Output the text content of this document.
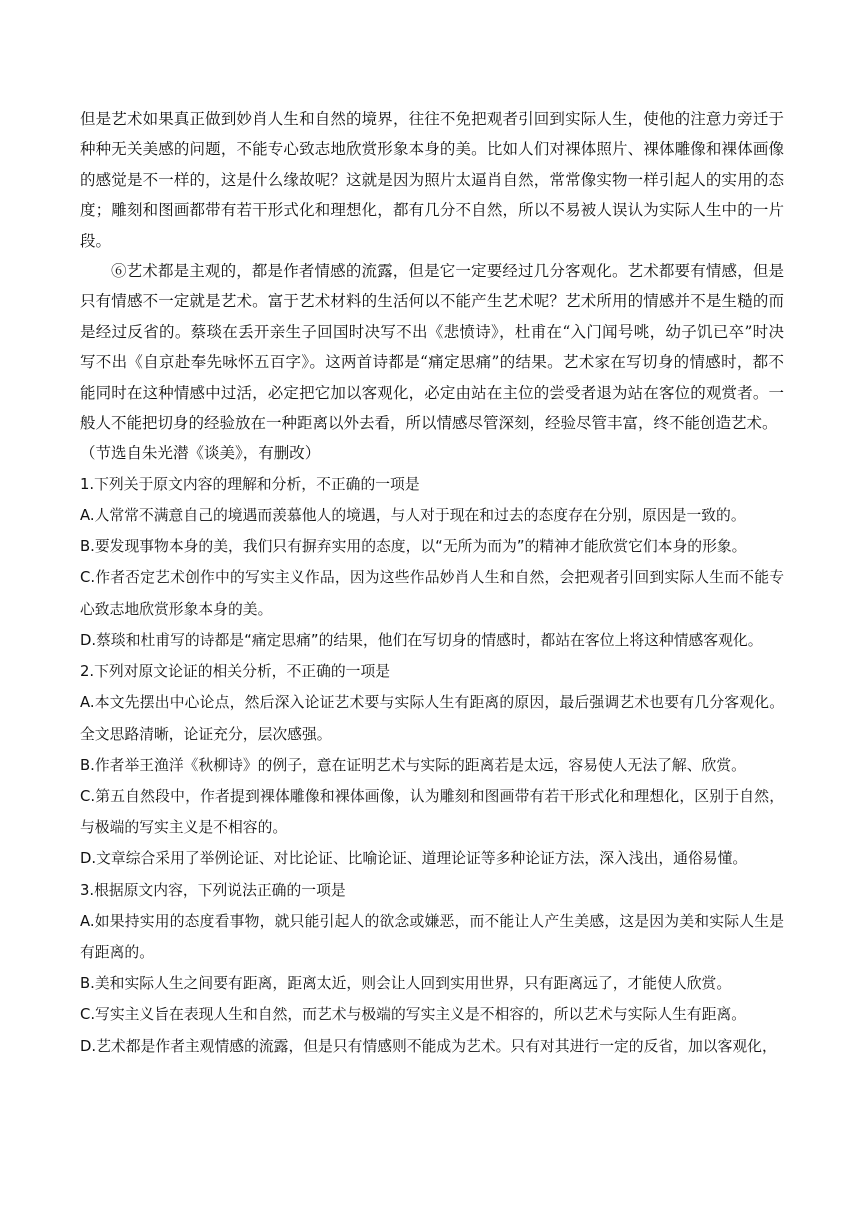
但是艺术如果真正做到妙肖人生和自然的境界，往往不免把观者引回到实际人生，使他的注意力旁迁于种种无关美感的问题，不能专心致志地欣赏形象本身的美。比如人们对裸体照片、裸体雕像和裸体画像的感觉是不一样的，这是什么缘故呢？这就是因为照片太逼肖自然，常常像实物一样引起人的实用的态度；雕刻和图画都带有若干形式化和理想化，都有几分不自然，所以不易被人误认为实际人生中的一片段。

⑥艺术都是主观的，都是作者情感的流露，但是它一定要经过几分客观化。艺术都要有情感，但是只有情感不一定就是艺术。富于艺术材料的生活何以不能产生艺术呢？艺术所用的情感并不是生糙的而是经过反省的。蔡琰在丢开亲生子回国时决写不出《悲愤诗》，杜甫在“入门闻号咷，幼子饥已卒”时决写不出《自京赴奉先咏怀五百字》。这两首诗都是“痛定思痛”的结果。艺术家在写切身的情感时，都不能同时在这种情感中过活，必定把它加以客观化，必定由站在主位的尝受者退为站在客位的观赏者。一般人不能把切身的经验放在一种距离以外去看，所以情感尽管深刻，经验尽管丰富，终不能创造艺术。

（节选自朱光潜《谈美》，有删改）

1.下列关于原文内容的理解和分析，不正确的一项是

A.人常常不满意自己的境遇而羡慕他人的境遇，与人对于现在和过去的态度存在分别，原因是一致的。

B.要发现事物本身的美，我们只有摒弃实用的态度，以“无所为而为”的精神才能欣赏它们本身的形象。

C.作者否定艺术创作中的写实主义作品，因为这些作品妙肖人生和自然，会把观者引回到实际人生而不能专心致志地欣赏形象本身的美。

D.蔡琰和杜甫写的诗都是“痛定思痛”的结果，他们在写切身的情感时，都站在客位上将这种情感客观化。

2.下列对原文论证的相关分析，不正确的一项是

A.本文先摆出中心论点，然后深入论证艺术要与实际人生有距离的原因，最后强调艺术也要有几分客观化。全文思路清晰，论证充分，层次感强。

B.作者举王渔洋《秋柳诗》的例子，意在证明艺术与实际的距离若是太远，容易使人无法了解、欣赏。

C.第五自然段中，作者提到裸体雕像和裸体画像，认为雕刻和图画带有若干形式化和理想化，区别于自然，与极端的写实主义是不相容的。

D.文章综合采用了举例论证、对比论证、比喻论证、道理论证等多种论证方法，深入浅出，通俗易懂。

3.根据原文内容，下列说法正确的一项是

A.如果持实用的态度看事物，就只能引起人的欲念或嫌恶，而不能让人产生美感，这是因为美和实际人生是有距离的。

B.美和实际人生之间要有距离，距离太近，则会让人回到实用世界，只有距离远了，才能使人欣赏。

C.写实主义旨在表现人生和自然，而艺术与极端的写实主义是不相容的，所以艺术与实际人生有距离。

D.艺术都是作者主观情感的流露，但是只有情感则不能成为艺术。只有对其进行一定的反省，加以客观化，
